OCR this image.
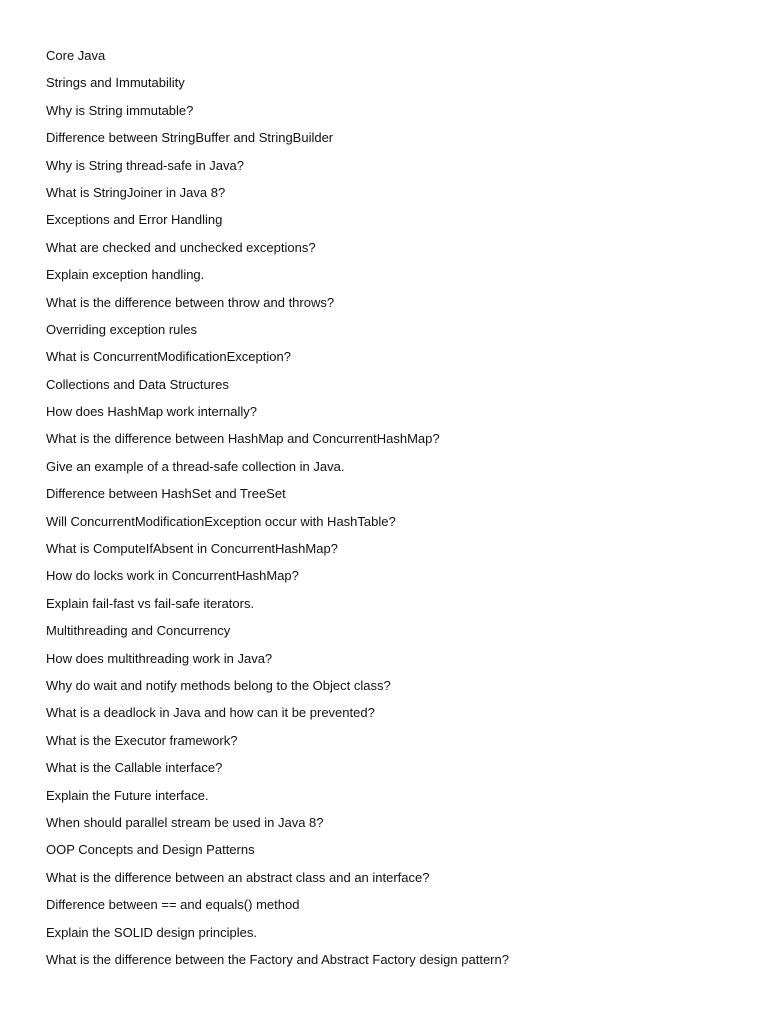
Core Java
Strings and Immutability
Why is String immutable?
Difference between StringBuffer and StringBuilder
Why is String thread-safe in Java?
What is StringJoiner in Java 8?
Exceptions and Error Handling
What are checked and unchecked exceptions?
Explain exception handling.
What is the difference between throw and throws?
Overriding exception rules
What is ConcurrentModificationException?
Collections and Data Structures
How does HashMap work internally?
What is the difference between HashMap and ConcurrentHashMap?
Give an example of a thread-safe collection in Java.
Difference between HashSet and TreeSet
Will ConcurrentModificationException occur with HashTable?
What is ComputeIfAbsent in ConcurrentHashMap?
How do locks work in ConcurrentHashMap?
Explain fail-fast vs fail-safe iterators.
Multithreading and Concurrency
How does multithreading work in Java?
Why do wait and notify methods belong to the Object class?
What is a deadlock in Java and how can it be prevented?
What is the Executor framework?
What is the Callable interface?
Explain the Future interface.
When should parallel stream be used in Java 8?
OOP Concepts and Design Patterns
What is the difference between an abstract class and an interface?
Difference between == and equals() method
Explain the SOLID design principles.
What is the difference between the Factory and Abstract Factory design pattern?
